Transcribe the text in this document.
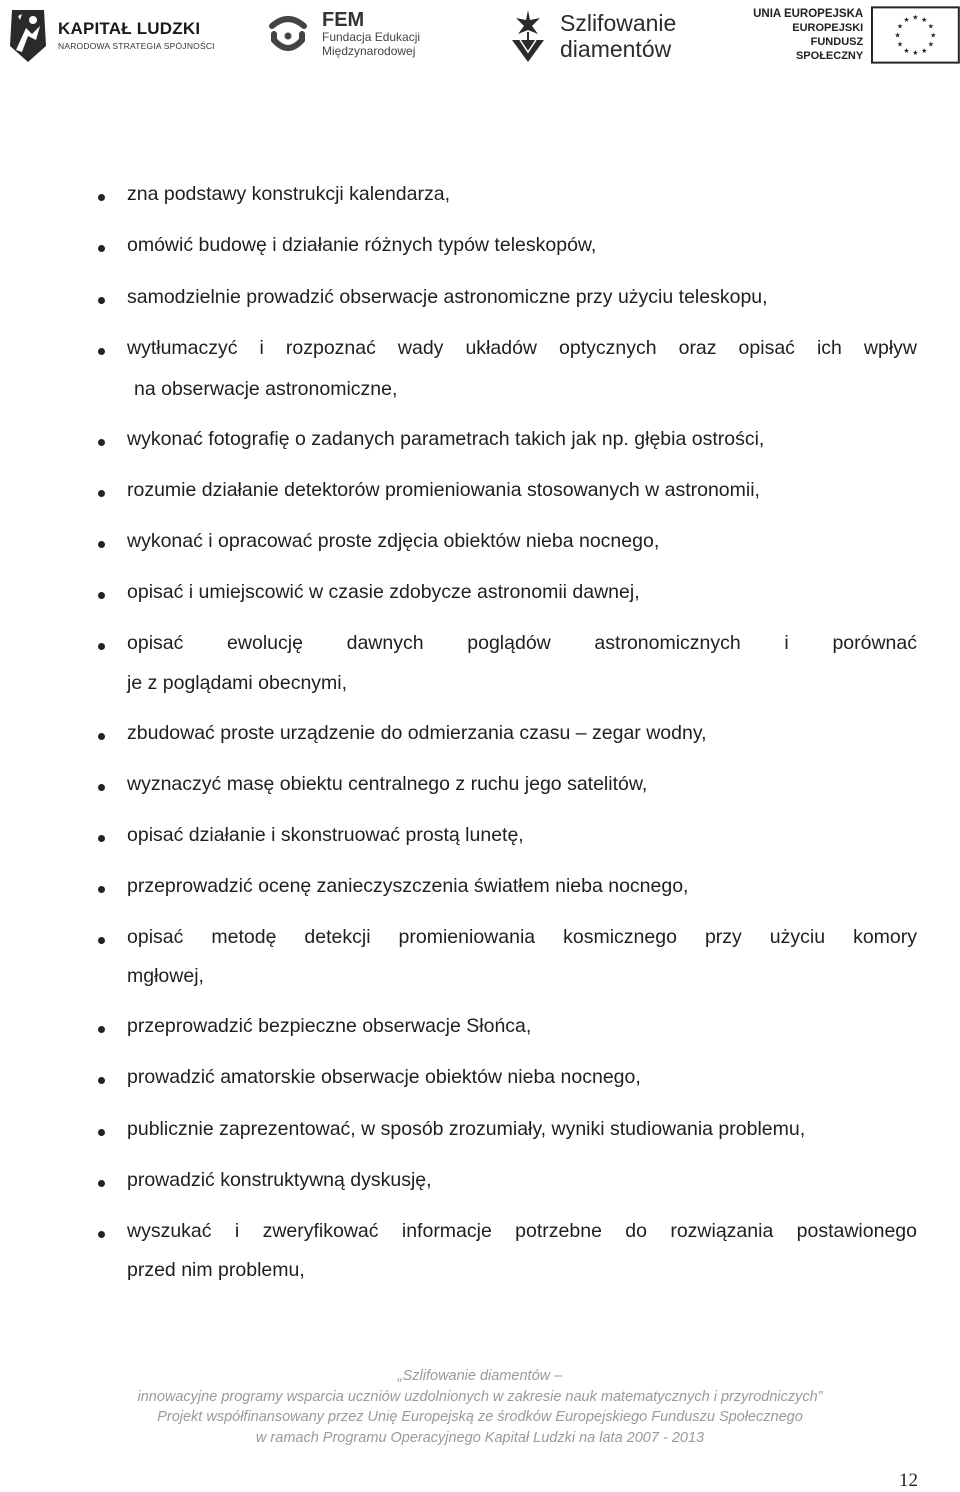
KAPITAŁ LUDZKI
NARODOWA STRATEGIA SPÓJNOŚCI
FEM
Fundacja Edukacji
Międzynarodowej
Szlifowanie
diamentów
UNIA EUROPEJSKA
EUROPEJSKI
FUNDUSZ SPOŁECZNY
★ ★
★
★
★
★
★
★
★
★
★
★
zna podstawy konstrukcji kalendarza,
omówić budowę i działanie różnych typów teleskopów,
samodzielnie prowadzić obserwacje astronomiczne przy użyciu teleskopu,
wytłumaczyć i rozpoznać wady układów optycznych oraz opisać ich wpływ
na obserwacje astronomiczne,
wykonać fotografię o zadanych parametrach takich jak np. głębia ostrości,
rozumie działanie detektorów promieniowania stosowanych w astronomii,
wykonać i opracować proste zdjęcia obiektów nieba nocnego,
opisać i umiejscowić w czasie zdobycze astronomii dawnej,
opisać ewolucję dawnych poglądów astronomicznych i porównać
je z poglądami obecnymi,
zbudować proste urządzenie do odmierzania czasu – zegar wodny,
wyznaczyć masę obiektu centralnego z ruchu jego satelitów,
opisać działanie i skonstruować prostą lunetę,
przeprowadzić ocenę zanieczyszczenia światłem nieba nocnego,
opisać metodę detekcji promieniowania kosmicznego przy użyciu komory
mgłowej,
przeprowadzić bezpieczne obserwacje Słońca,
prowadzić amatorskie obserwacje obiektów nieba nocnego,
publicznie zaprezentować, w sposób zrozumiały, wyniki studiowania problemu,
prowadzić konstruktywną dyskusję,
wyszukać i zweryfikować informacje potrzebne do rozwiązania postawionego
przed nim problemu,
„Szlifowanie diamentów –
innowacyjne programy wsparcia uczniów uzdolnionych w zakresie nauk matematycznych i przyrodniczych”
Projekt współfinansowany przez Unię Europejską ze środków Europejskiego Funduszu Społecznego
w ramach Programu Operacyjnego Kapitał Ludzki na lata 2007 - 2013
12
